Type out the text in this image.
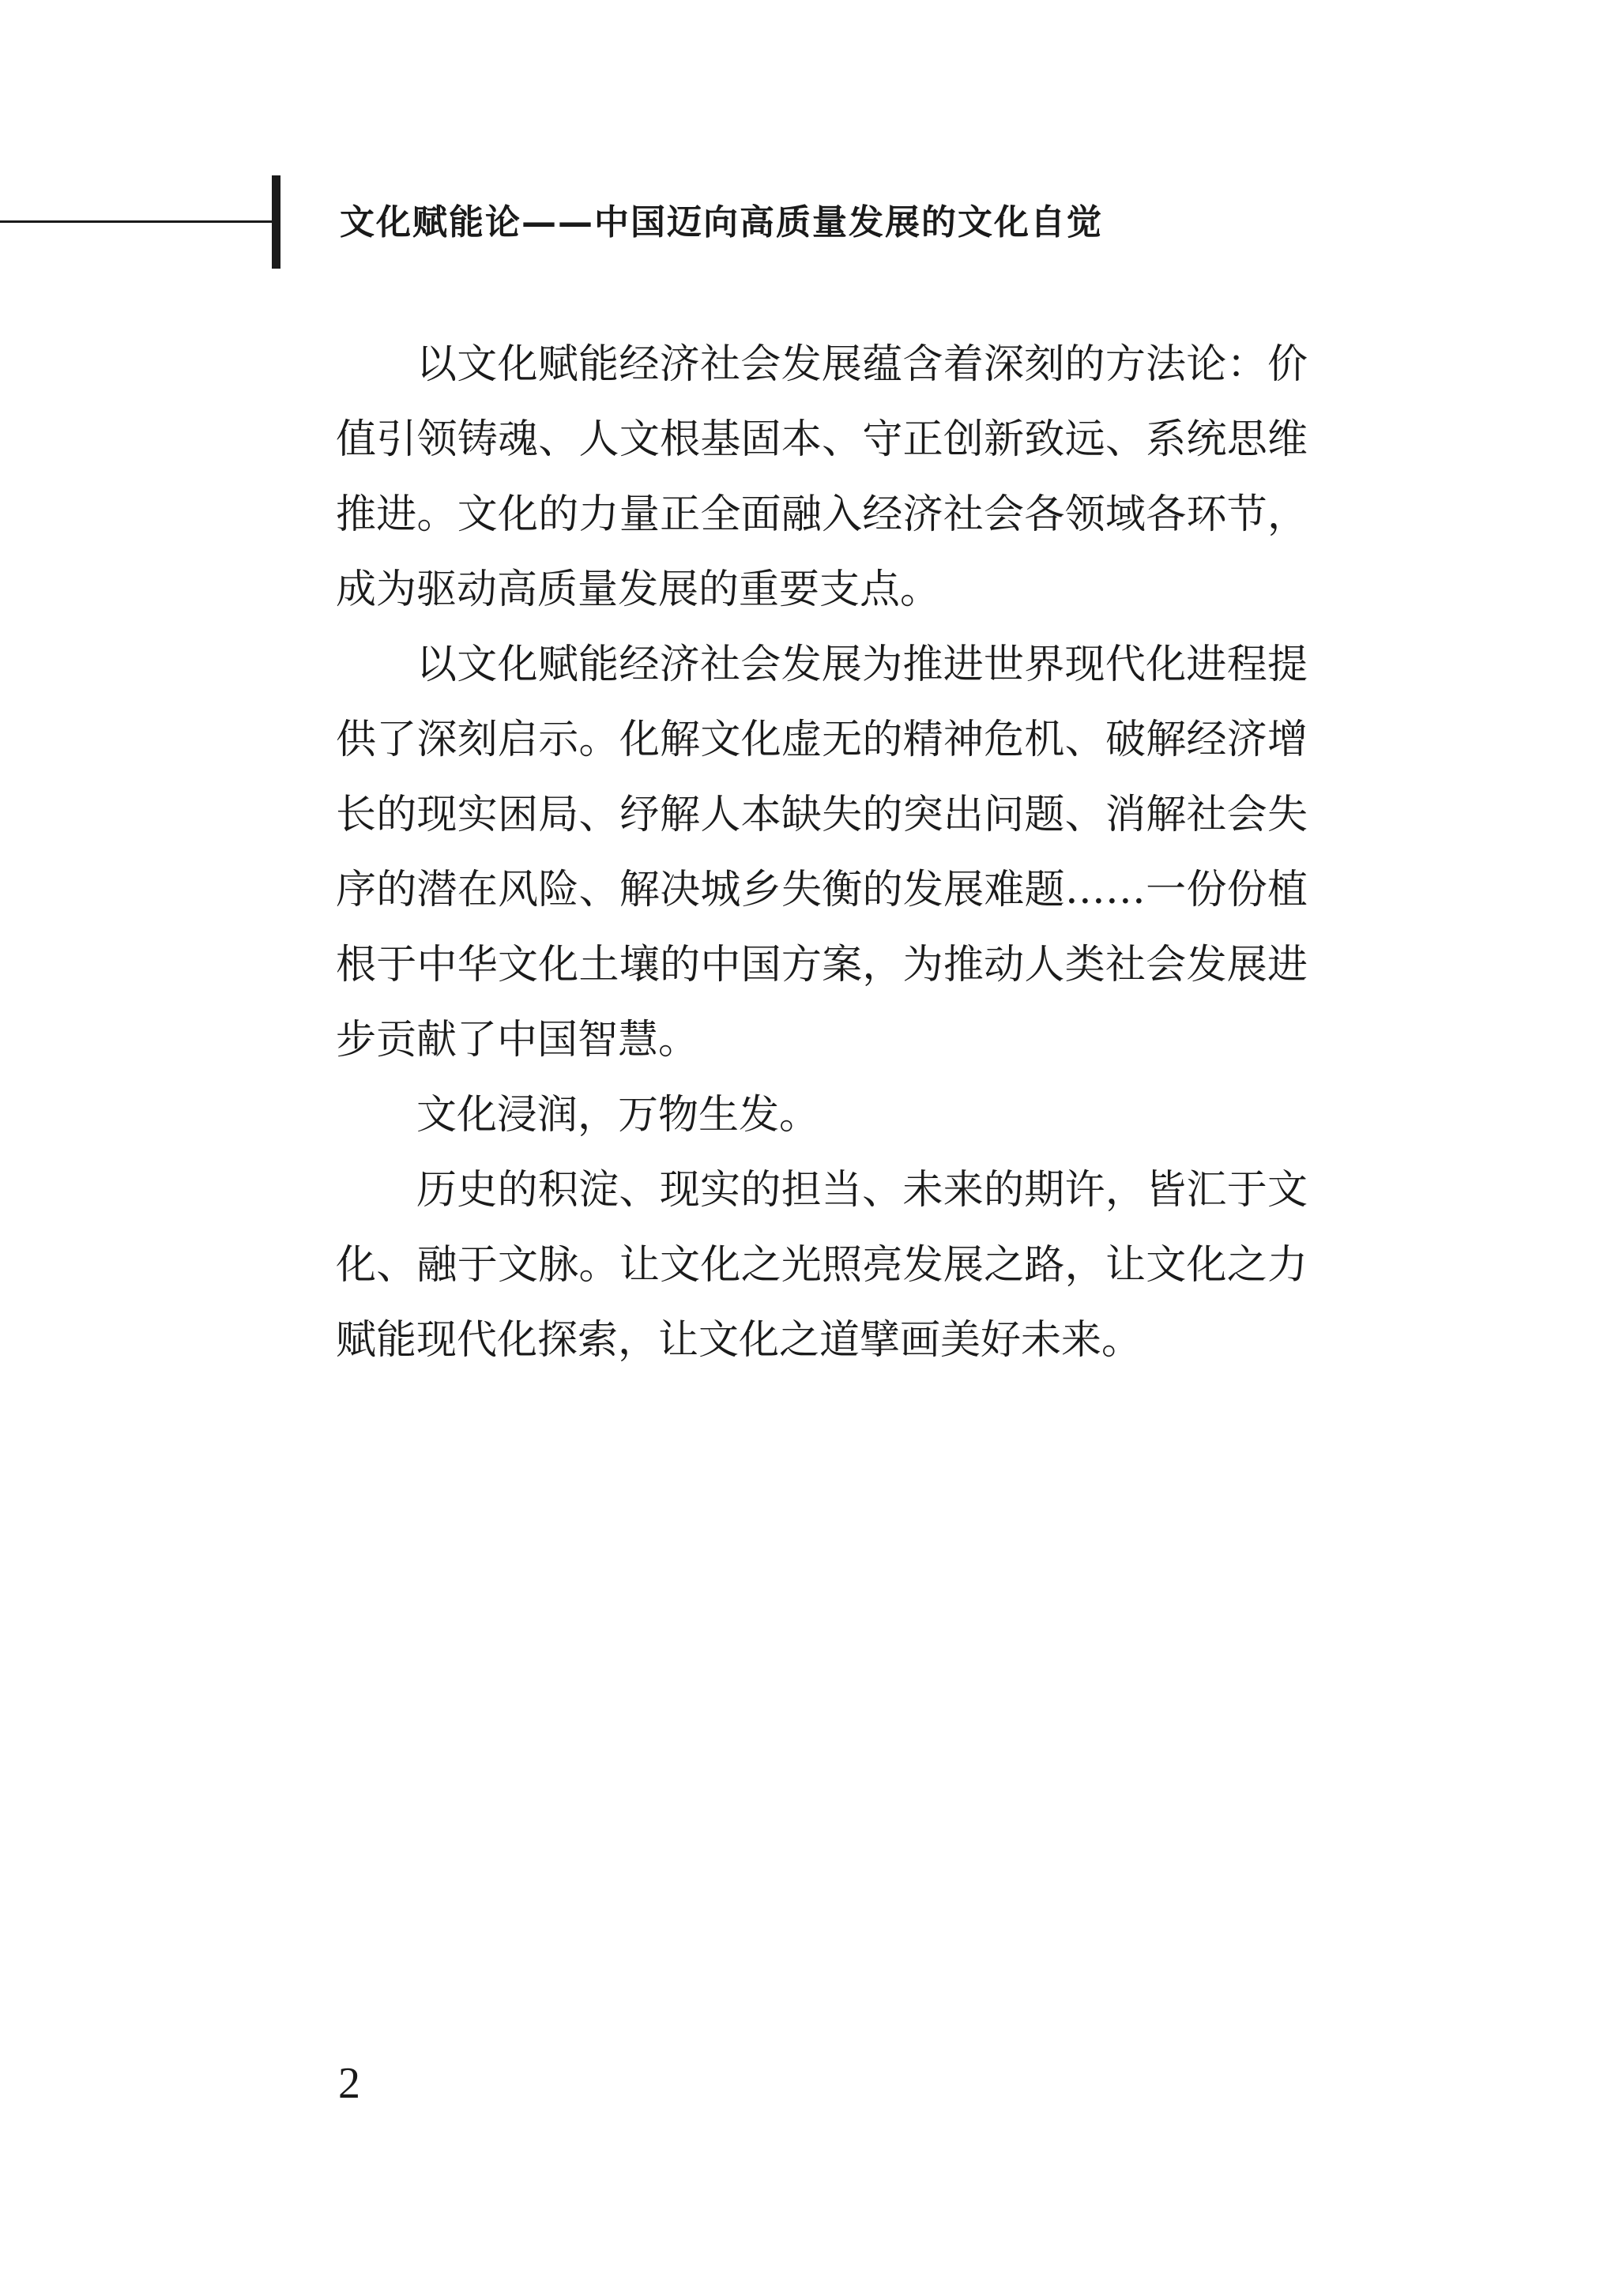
文化赋能论——中国迈向高质量发展的文化自觉

以文化赋能经济社会发展蕴含着深刻的方法论：价值引领铸魂、人文根基固本、守正创新致远、系统思维推进。文化的力量正全面融入经济社会各领域各环节，成为驱动高质量发展的重要支点。

以文化赋能经济社会发展为推进世界现代化进程提供了深刻启示。化解文化虚无的精神危机、破解经济增长的现实困局、纾解人本缺失的突出问题、消解社会失序的潜在风险、解决城乡失衡的发展难题……一份份植根于中华文化土壤的中国方案，为推动人类社会发展进步贡献了中国智慧。

文化浸润，万物生发。

历史的积淀、现实的担当、未来的期许，皆汇于文化、融于文脉。让文化之光照亮发展之路，让文化之力赋能现代化探索，让文化之道擘画美好未来。

2
